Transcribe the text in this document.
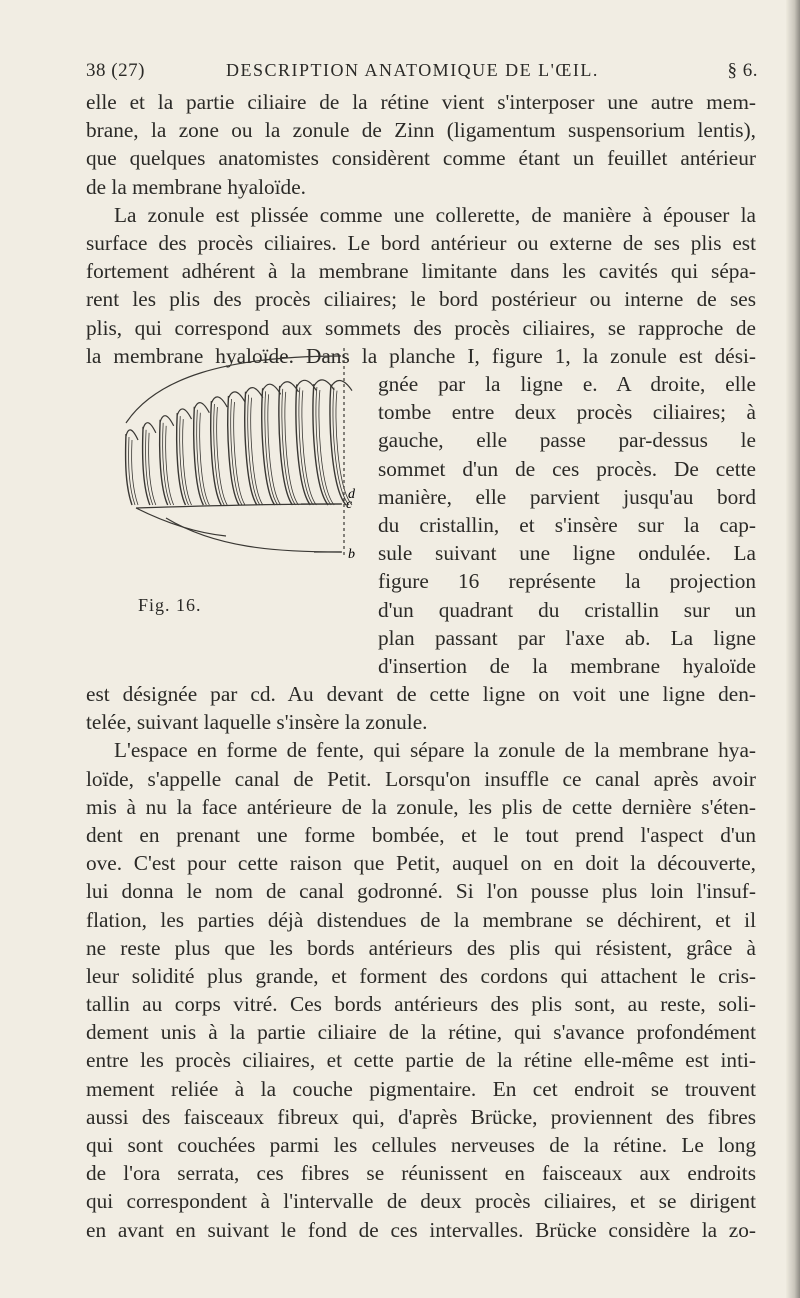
38 (27)	DESCRIPTION ANATOMIQUE DE L'ŒIL.	§ 6.
elle et la partie ciliaire de la rétine vient s'interposer une autre mem-
brane, la zone ou la zonule de Zinn (ligamentum suspensorium lentis),
que quelques anatomistes considèrent comme étant un feuillet antérieur
de la membrane hyaloïde.
La zonule est plissée comme une collerette, de manière à épouser la
surface des procès ciliaires. Le bord antérieur ou externe de ses plis est
fortement adhérent à la membrane limitante dans les cavités qui sépa-
rent les plis des procès ciliaires; le bord postérieur ou interne de ses
plis, qui correspond aux sommets des procès ciliaires, se rapproche de
la membrane hyaloïde. Dans la planche I, figure 1, la zonule est dési-
gnée par la ligne e. A droite, elle
tombe entre deux procès ciliaires; à
gauche, elle passe par-dessus le
sommet d'un de ces procès. De cette
manière, elle parvient jusqu'au bord
du cristallin, et s'insère sur la cap-
sule suivant une ligne ondulée. La
figure 16 représente la projection
d'un quadrant du cristallin sur un
plan passant par l'axe ab. La ligne
d'insertion de la membrane hyaloïde
c
d
b
Fig. 16.
est désignée par cd. Au devant de cette ligne on voit une ligne den-
telée, suivant laquelle s'insère la zonule.
L'espace en forme de fente, qui sépare la zonule de la membrane hya-
loïde, s'appelle canal de Petit. Lorsqu'on insuffle ce canal après avoir
mis à nu la face antérieure de la zonule, les plis de cette dernière s'éten-
dent en prenant une forme bombée, et le tout prend l'aspect d'un
ove. C'est pour cette raison que Petit, auquel on en doit la découverte,
lui donna le nom de canal godronné. Si l'on pousse plus loin l'insuf-
flation, les parties déjà distendues de la membrane se déchirent, et il
ne reste plus que les bords antérieurs des plis qui résistent, grâce à
leur solidité plus grande, et forment des cordons qui attachent le cris-
tallin au corps vitré. Ces bords antérieurs des plis sont, au reste, soli-
dement unis à la partie ciliaire de la rétine, qui s'avance profondément
entre les procès ciliaires, et cette partie de la rétine elle-même est inti-
mement reliée à la couche pigmentaire. En cet endroit se trouvent
aussi des faisceaux fibreux qui, d'après Brücke, proviennent des fibres
qui sont couchées parmi les cellules nerveuses de la rétine. Le long
de l'ora serrata, ces fibres se réunissent en faisceaux aux endroits
qui correspondent à l'intervalle de deux procès ciliaires, et se dirigent
en avant en suivant le fond de ces intervalles. Brücke considère la zo-
